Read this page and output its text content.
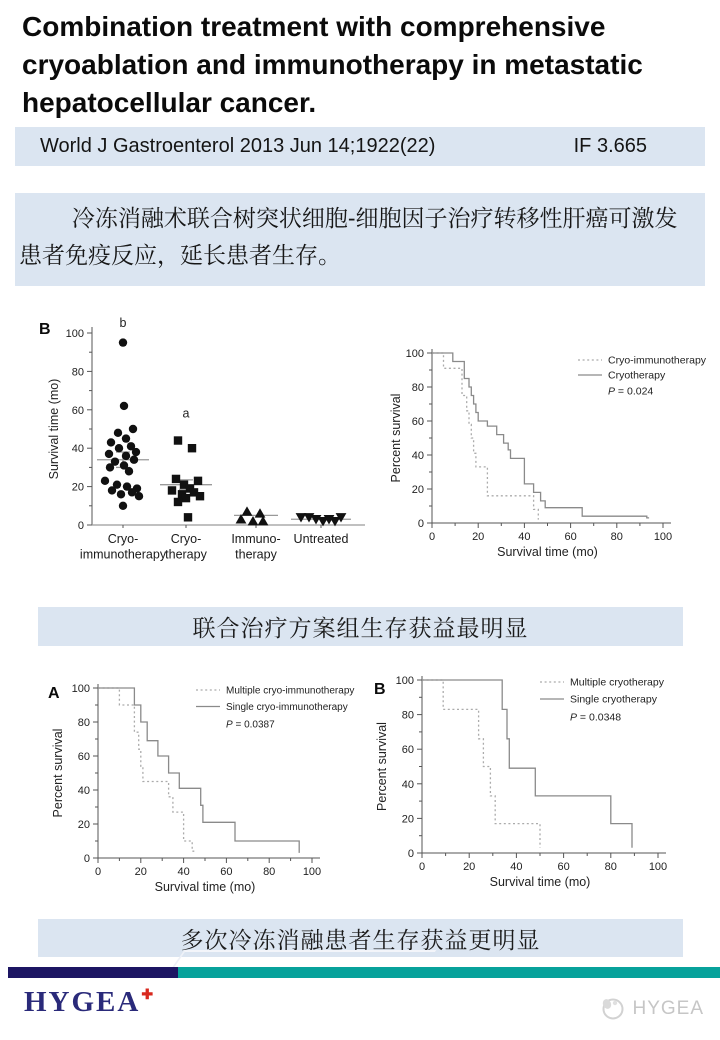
Combination treatment with comprehensive
cryoablation and immunotherapy in metastatic
hepatocellular cancer.
World J Gastroenterol 2013 Jun 14;1922(22)	IF 3.665

冷冻消融术联合树突状细胞-细胞因子治疗转移性肝癌可激发患者免疫反应，延长患者生存。

0
20
40
60
80
100
Survival time (mo)
Cryo-
immunotherapy
Cryo-
therapy
Immuno-
therapy
Untreated
b
a
B
0
0
20
20
40
40
60
60
80
80
100
100
Survival time (mo)
Percent survival
Cryo-immunotherapy
Cryotherapy
P = 0.024
联合治疗方案组生存获益最明显
0
0
20
20
40
40
60
60
80
80
100
100
Survival time (mo)
Percent survival
Multiple cryo-immunotherapy
Single cryo-immunotherapy
P = 0.0387
A
0
0
20
20
40
40
60
60
80
80
100
100
Survival time (mo)
Percent survival
Multiple cryotherapy
Single cryotherapy
P = 0.0348
B
多次冷冻消融患者生存获益更明显
HYGEA✚
HYGEA
